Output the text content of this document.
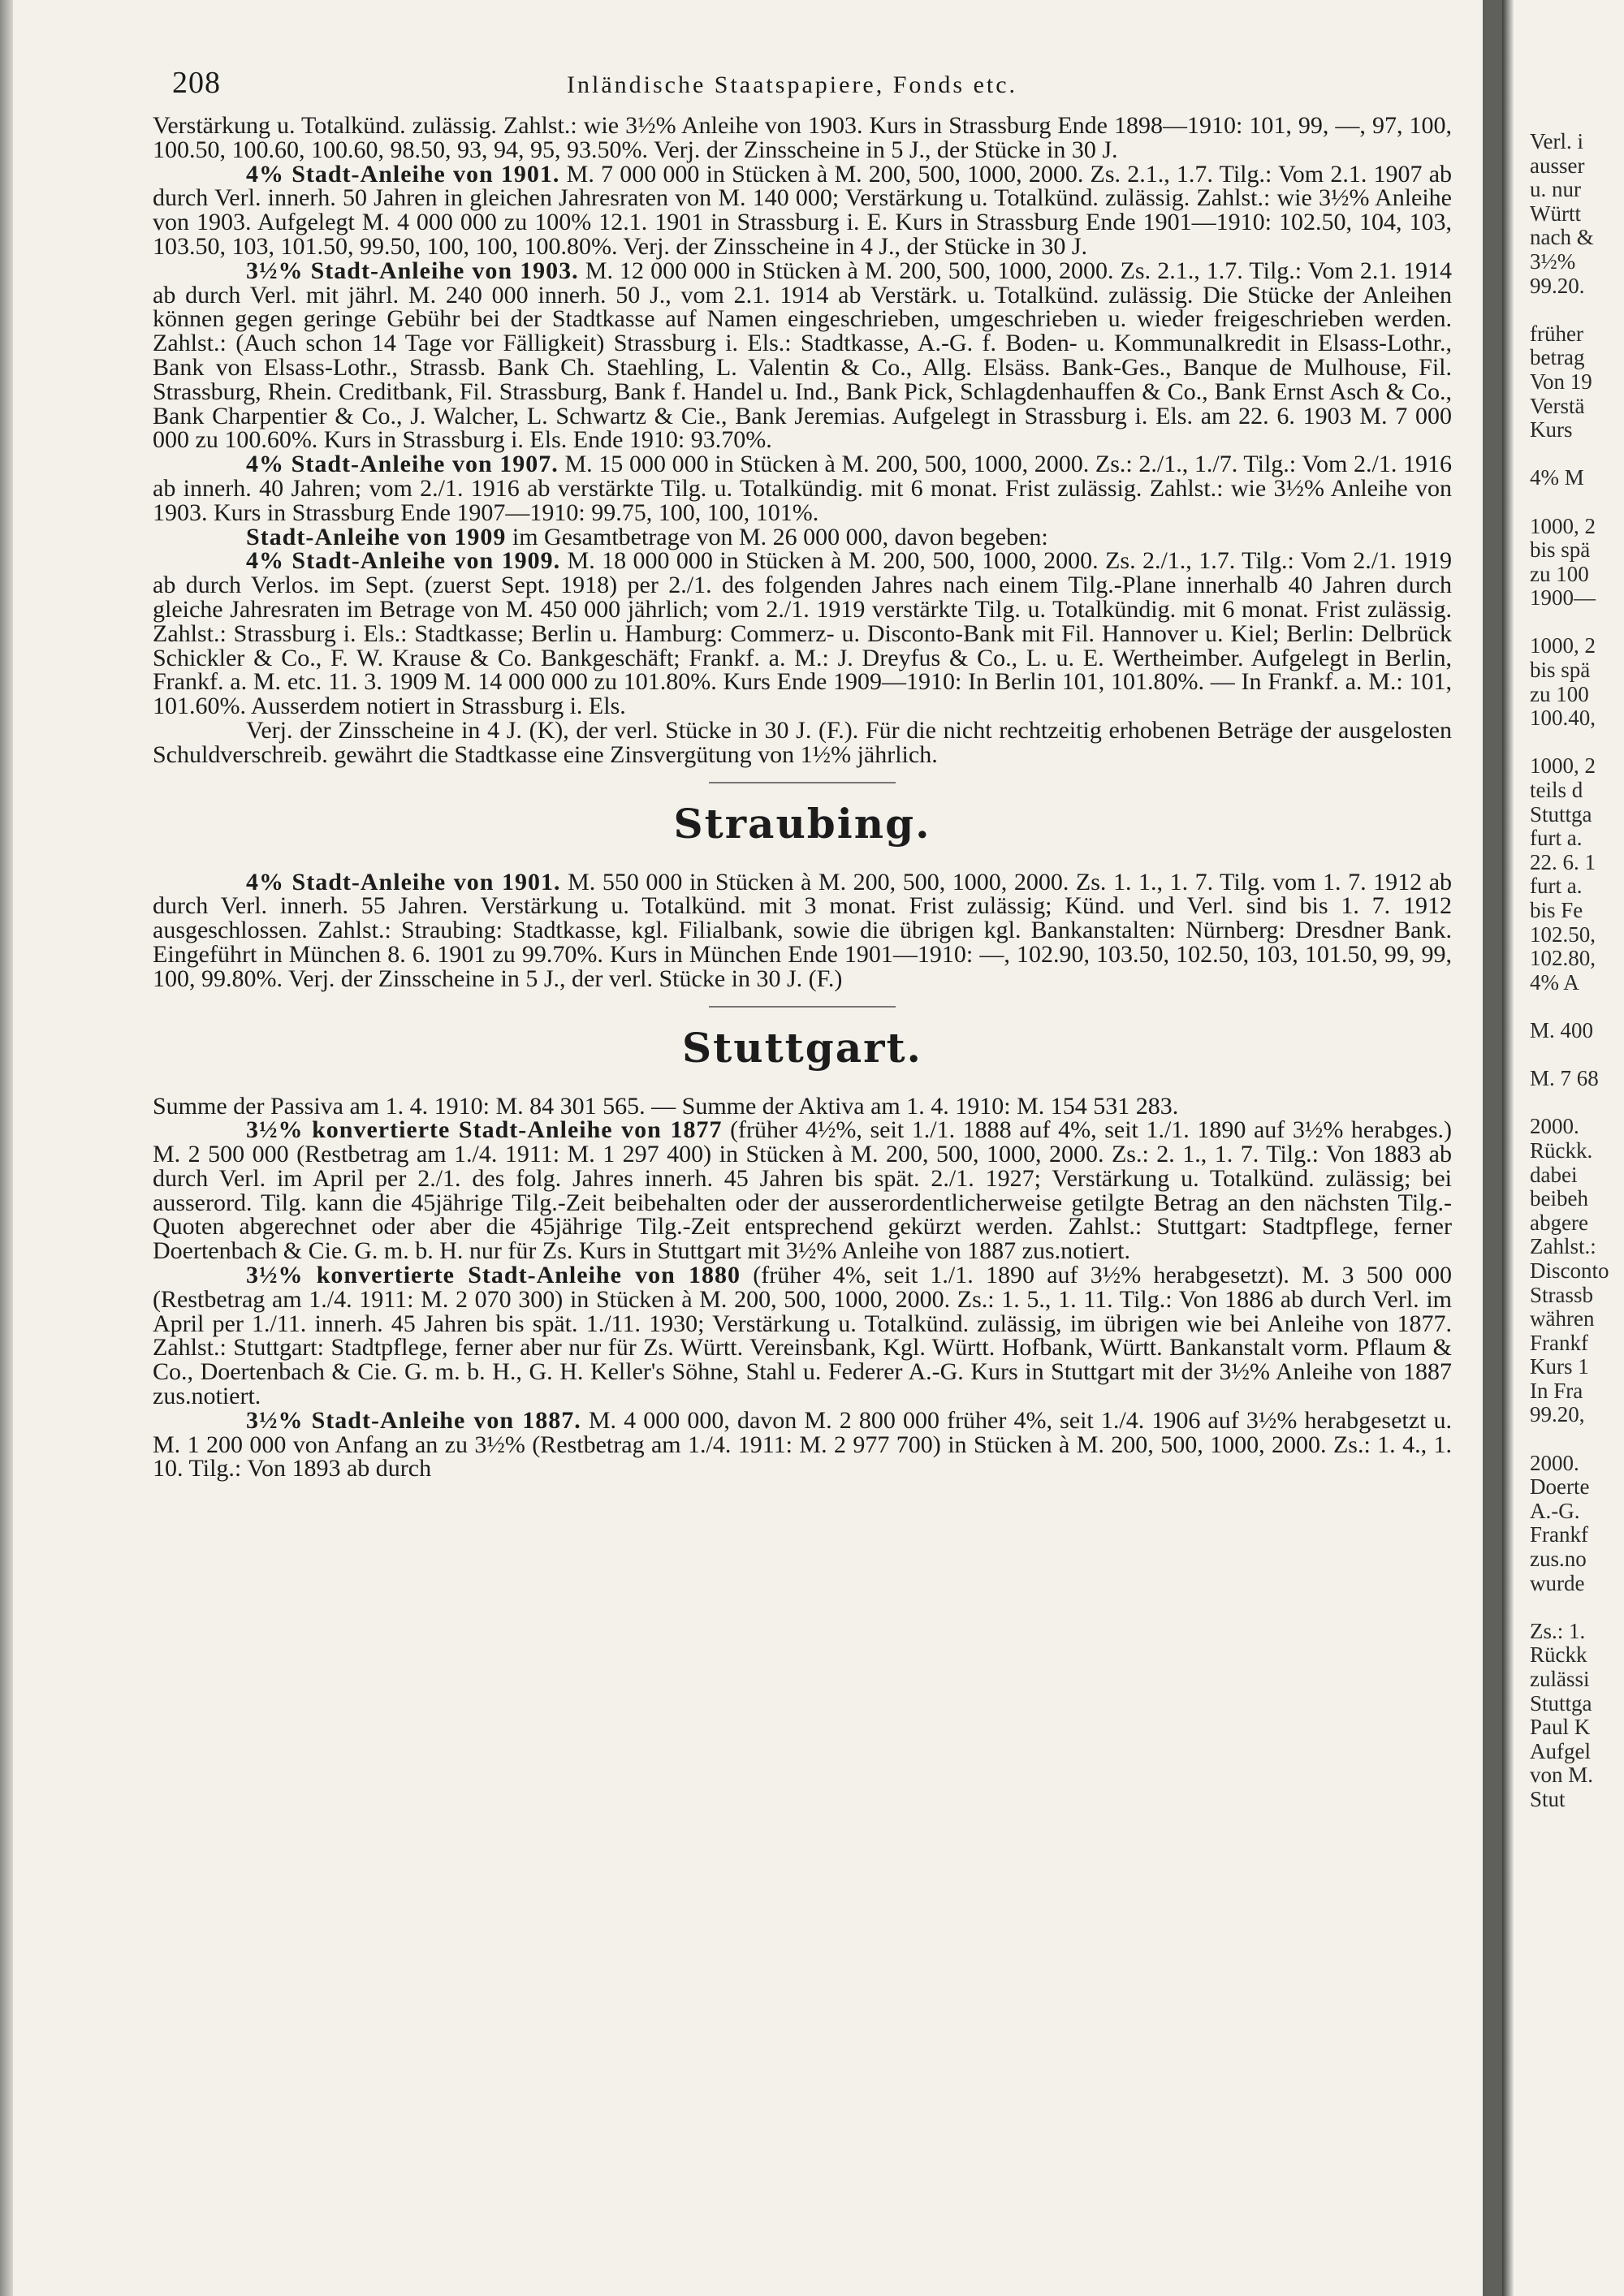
208	Inländische Staatspapiere, Fonds etc.

Verstärkung u. Totalkünd. zulässig. Zahlst.: wie 3½% Anleihe von 1903. Kurs in Strassburg Ende 1898—1910: 101, 99, —, 97, 100, 100.50, 100.60, 100.60, 98.50, 93, 94, 95, 93.50%. Verj. der Zinsscheine in 5 J., der Stücke in 30 J.

4% Stadt-Anleihe von 1901. M. 7 000 000 in Stücken à M. 200, 500, 1000, 2000. Zs. 2.1., 1.7. Tilg.: Vom 2.1. 1907 ab durch Verl. innerh. 50 Jahren in gleichen Jahresraten von M. 140 000; Verstärkung u. Totalkünd. zulässig. Zahlst.: wie 3½% Anleihe von 1903. Aufgelegt M. 4 000 000 zu 100% 12.1. 1901 in Strassburg i. E. Kurs in Strassburg Ende 1901—1910: 102.50, 104, 103, 103.50, 103, 101.50, 99.50, 100, 100, 100.80%. Verj. der Zinsscheine in 4 J., der Stücke in 30 J.

3½% Stadt-Anleihe von 1903. M. 12 000 000 in Stücken à M. 200, 500, 1000, 2000. Zs. 2.1., 1.7. Tilg.: Vom 2.1. 1914 ab durch Verl. mit jährl. M. 240 000 innerh. 50 J., vom 2.1. 1914 ab Verstärk. u. Totalkünd. zulässig. Die Stücke der Anleihen können gegen geringe Gebühr bei der Stadtkasse auf Namen eingeschrieben, umgeschrieben u. wieder freigeschrieben werden. Zahlst.: (Auch schon 14 Tage vor Fälligkeit) Strassburg i. Els.: Stadtkasse, A.-G. f. Boden- u. Kommunalkredit in Elsass-Lothr., Bank von Elsass-Lothr., Strassb. Bank Ch. Staehling, L. Valentin & Co., Allg. Elsäss. Bank-Ges., Banque de Mulhouse, Fil. Strassburg, Rhein. Creditbank, Fil. Strassburg, Bank f. Handel u. Ind., Bank Pick, Schlagdenhauffen & Co., Bank Ernst Asch & Co., Bank Charpentier & Co., J. Walcher, L. Schwartz & Cie., Bank Jeremias. Aufgelegt in Strassburg i. Els. am 22. 6. 1903 M. 7 000 000 zu 100.60%. Kurs in Strassburg i. Els. Ende 1910: 93.70%.

4% Stadt-Anleihe von 1907. M. 15 000 000 in Stücken à M. 200, 500, 1000, 2000. Zs.: 2./1., 1./7. Tilg.: Vom 2./1. 1916 ab innerh. 40 Jahren; vom 2./1. 1916 ab verstärkte Tilg. u. Totalkündig. mit 6 monat. Frist zulässig. Zahlst.: wie 3½% Anleihe von 1903. Kurs in Strassburg Ende 1907—1910: 99.75, 100, 100, 101%.

Stadt-Anleihe von 1909 im Gesamtbetrage von M. 26 000 000, davon begeben:

4% Stadt-Anleihe von 1909. M. 18 000 000 in Stücken à M. 200, 500, 1000, 2000. Zs. 2./1., 1.7. Tilg.: Vom 2./1. 1919 ab durch Verlos. im Sept. (zuerst Sept. 1918) per 2./1. des folgenden Jahres nach einem Tilg.-Plane innerhalb 40 Jahren durch gleiche Jahresraten im Betrage von M. 450 000 jährlich; vom 2./1. 1919 verstärkte Tilg. u. Totalkündig. mit 6 monat. Frist zulässig. Zahlst.: Strassburg i. Els.: Stadtkasse; Berlin u. Hamburg: Commerz- u. Disconto-Bank mit Fil. Hannover u. Kiel; Berlin: Delbrück Schickler & Co., F. W. Krause & Co. Bankgeschäft; Frankf. a. M.: J. Dreyfus & Co., L. u. E. Wertheimber. Aufgelegt in Berlin, Frankf. a. M. etc. 11. 3. 1909 M. 14 000 000 zu 101.80%. Kurs Ende 1909—1910: In Berlin 101, 101.80%. — In Frankf. a. M.: 101, 101.60%. Ausserdem notiert in Strassburg i. Els.

Verj. der Zinsscheine in 4 J. (K), der verl. Stücke in 30 J. (F.). Für die nicht rechtzeitig erhobenen Beträge der ausgelosten Schuldverschreib. gewährt die Stadtkasse eine Zinsvergütung von 1½% jährlich.

Straubing.

4% Stadt-Anleihe von 1901. M. 550 000 in Stücken à M. 200, 500, 1000, 2000. Zs. 1. 1., 1. 7. Tilg. vom 1. 7. 1912 ab durch Verl. innerh. 55 Jahren. Verstärkung u. Totalkünd. mit 3 monat. Frist zulässig; Künd. und Verl. sind bis 1. 7. 1912 ausgeschlossen. Zahlst.: Straubing: Stadtkasse, kgl. Filialbank, sowie die übrigen kgl. Bankanstalten: Nürnberg: Dresdner Bank. Eingeführt in München 8. 6. 1901 zu 99.70%. Kurs in München Ende 1901—1910: —, 102.90, 103.50, 102.50, 103, 101.50, 99, 99, 100, 99.80%. Verj. der Zinsscheine in 5 J., der verl. Stücke in 30 J. (F.)

Stuttgart.

Summe der Passiva am 1. 4. 1910: M. 84 301 565. — Summe der Aktiva am 1. 4. 1910: M. 154 531 283.

3½% konvertierte Stadt-Anleihe von 1877 (früher 4½%, seit 1./1. 1888 auf 4%, seit 1./1. 1890 auf 3½% herabges.) M. 2 500 000 (Restbetrag am 1./4. 1911: M. 1 297 400) in Stücken à M. 200, 500, 1000, 2000. Zs.: 2. 1., 1. 7. Tilg.: Von 1883 ab durch Verl. im April per 2./1. des folg. Jahres innerh. 45 Jahren bis spät. 2./1. 1927; Verstärkung u. Totalkünd. zulässig; bei ausserord. Tilg. kann die 45jährige Tilg.-Zeit beibehalten oder der ausserordentlicherweise getilgte Betrag an den nächsten Tilg.-Quoten abgerechnet oder aber die 45jährige Tilg.-Zeit entsprechend gekürzt werden. Zahlst.: Stuttgart: Stadtpflege, ferner Doertenbach & Cie. G. m. b. H. nur für Zs. Kurs in Stuttgart mit 3½% Anleihe von 1887 zus.notiert.

3½% konvertierte Stadt-Anleihe von 1880 (früher 4%, seit 1./1. 1890 auf 3½% herabgesetzt). M. 3 500 000 (Restbetrag am 1./4. 1911: M. 2 070 300) in Stücken à M. 200, 500, 1000, 2000. Zs.: 1. 5., 1. 11. Tilg.: Von 1886 ab durch Verl. im April per 1./11. innerh. 45 Jahren bis spät. 1./11. 1930; Verstärkung u. Totalkünd. zulässig, im übrigen wie bei Anleihe von 1877. Zahlst.: Stuttgart: Stadtpflege, ferner aber nur für Zs. Württ. Vereinsbank, Kgl. Württ. Hofbank, Württ. Bankanstalt vorm. Pflaum & Co., Doertenbach & Cie. G. m. b. H., G. H. Keller's Söhne, Stahl u. Federer A.-G. Kurs in Stuttgart mit der 3½% Anleihe von 1887 zus.notiert.

3½% Stadt-Anleihe von 1887. M. 4 000 000, davon M. 2 800 000 früher 4%, seit 1./4. 1906 auf 3½% herabgesetzt u. M. 1 200 000 von Anfang an zu 3½% (Restbetrag am 1./4. 1911: M. 2 977 700) in Stücken à M. 200, 500, 1000, 2000. Zs.: 1. 4., 1. 10. Tilg.: Von 1893 ab durch

Verl. i
ausser
u. nur
Württ
nach &
3½%
99.20.
früher
betrag
Von 19
Verstä
Kurs
4% M
1000, 2
bis spä
zu 100
1900—
1000, 2
bis spä
zu 100
100.40,
1000, 2
teils d
Stuttga
furt a.
22. 6. 1
furt a.
bis Fe
102.50,
102.80,
4% A
M. 400
M. 7 68
2000.
Rückk.
dabei
beibeh
abgere
Zahlst.:
Disconto
Strassb
währen
Frankf
Kurs 1
In Fra
99.20,
2000.
Doerte
A.-G.
Frankf
zus.no
wurde
Zs.: 1.
Rückk
zulässi
Stuttga
Paul K
Aufgel
von M.
Stut
